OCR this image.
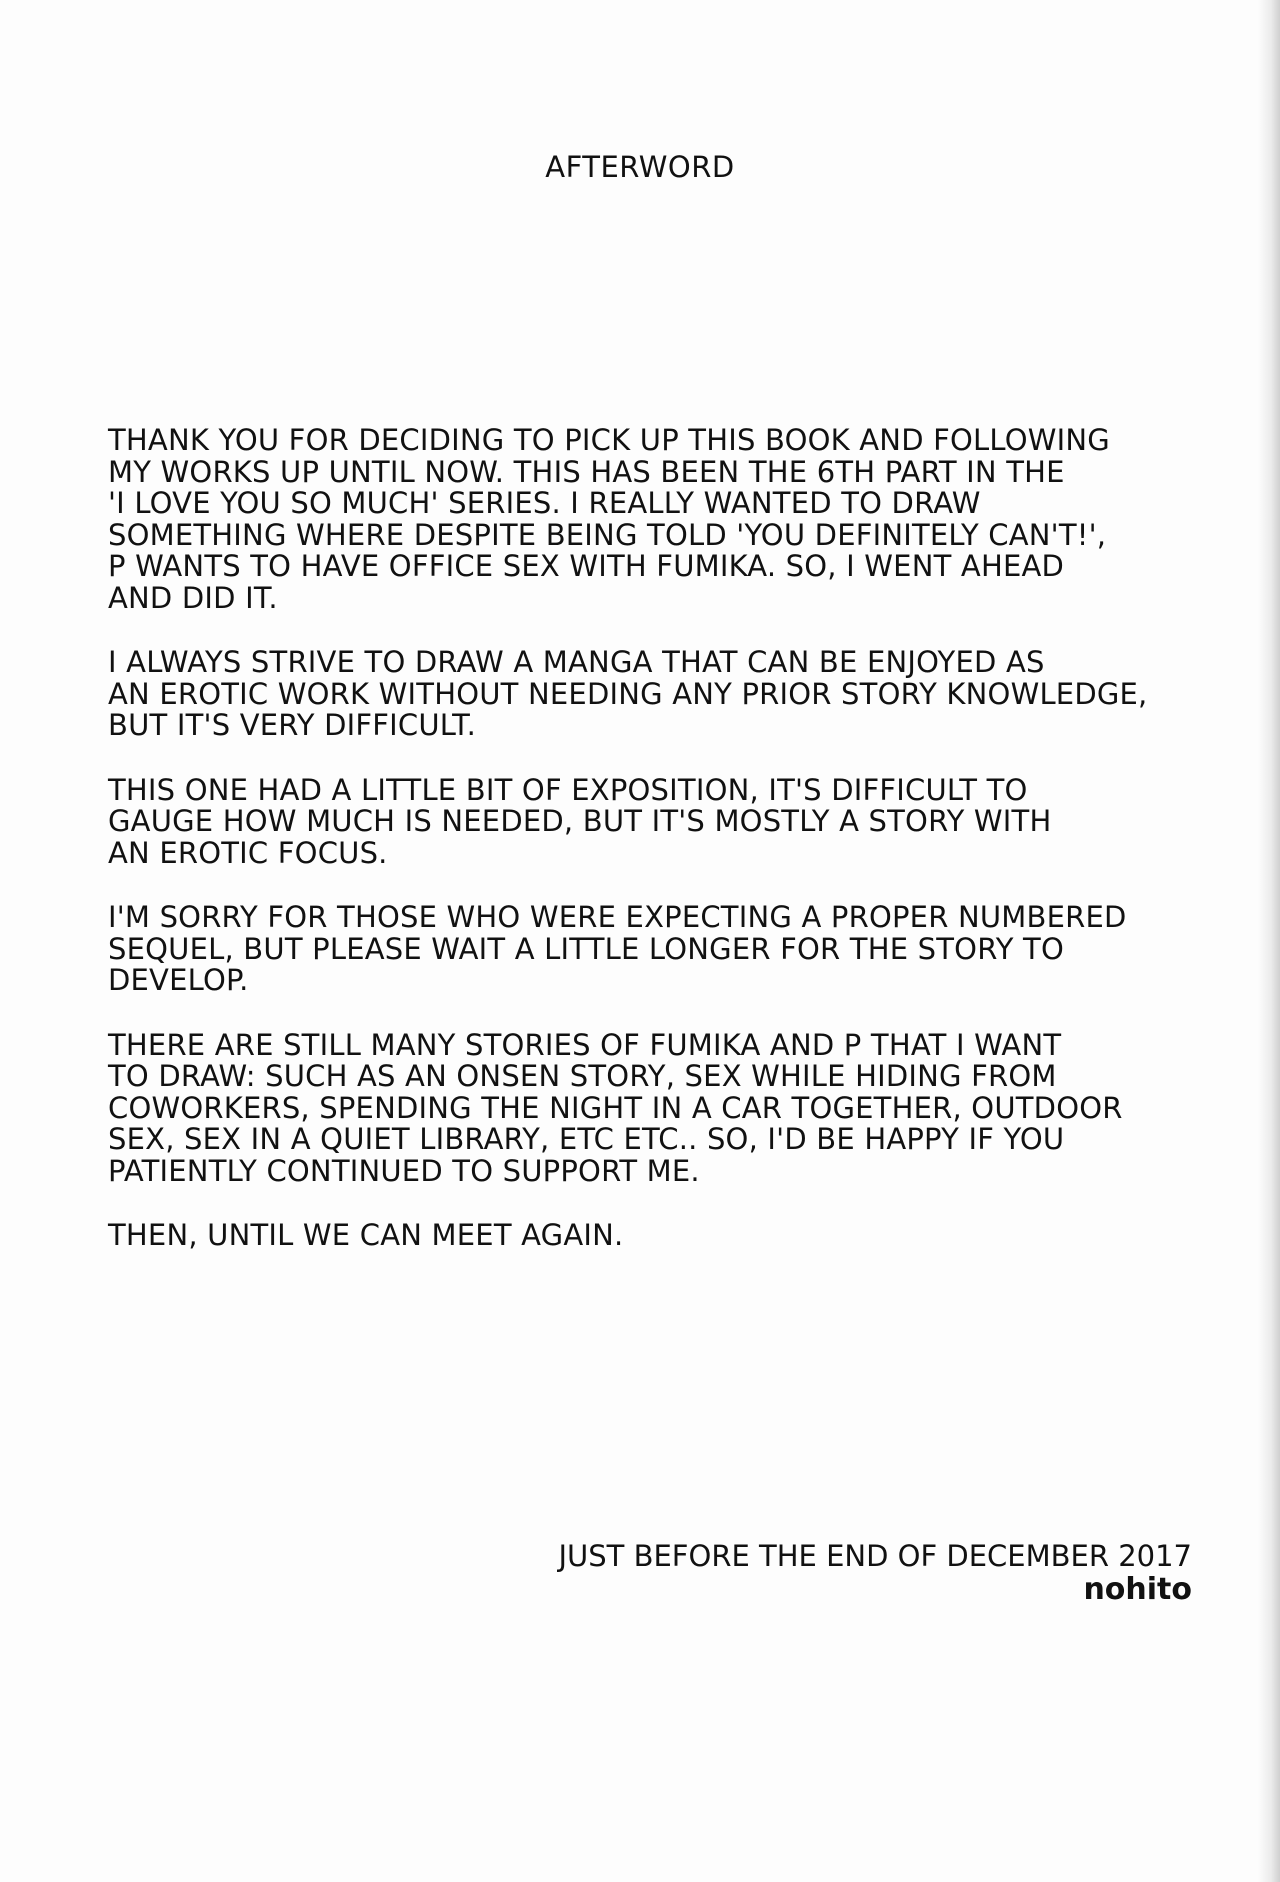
AFTERWORD
THANK YOU FOR DECIDING TO PICK UP THIS BOOK AND FOLLOWING
MY WORKS UP UNTIL NOW. THIS HAS BEEN THE 6TH PART IN THE
'I LOVE YOU SO MUCH' SERIES. I REALLY WANTED TO DRAW
SOMETHING WHERE DESPITE BEING TOLD 'YOU DEFINITELY CAN'T!',
P WANTS TO HAVE OFFICE SEX WITH FUMIKA. SO, I WENT AHEAD
AND DID IT.
I ALWAYS STRIVE TO DRAW A MANGA THAT CAN BE ENJOYED AS
AN EROTIC WORK WITHOUT NEEDING ANY PRIOR STORY KNOWLEDGE,
BUT IT'S VERY DIFFICULT.
THIS ONE HAD A LITTLE BIT OF EXPOSITION, IT'S DIFFICULT TO
GAUGE HOW MUCH IS NEEDED, BUT IT'S MOSTLY A STORY WITH
AN EROTIC FOCUS.
I'M SORRY FOR THOSE WHO WERE EXPECTING A PROPER NUMBERED
SEQUEL, BUT PLEASE WAIT A LITTLE LONGER FOR THE STORY TO
DEVELOP.
THERE ARE STILL MANY STORIES OF FUMIKA AND P THAT I WANT
TO DRAW: SUCH AS AN ONSEN STORY, SEX WHILE HIDING FROM
COWORKERS, SPENDING THE NIGHT IN A CAR TOGETHER, OUTDOOR
SEX, SEX IN A QUIET LIBRARY, ETC ETC.. SO, I'D BE HAPPY IF YOU
PATIENTLY CONTINUED TO SUPPORT ME.
THEN, UNTIL WE CAN MEET AGAIN.
JUST BEFORE THE END OF DECEMBER 2017
nohito
